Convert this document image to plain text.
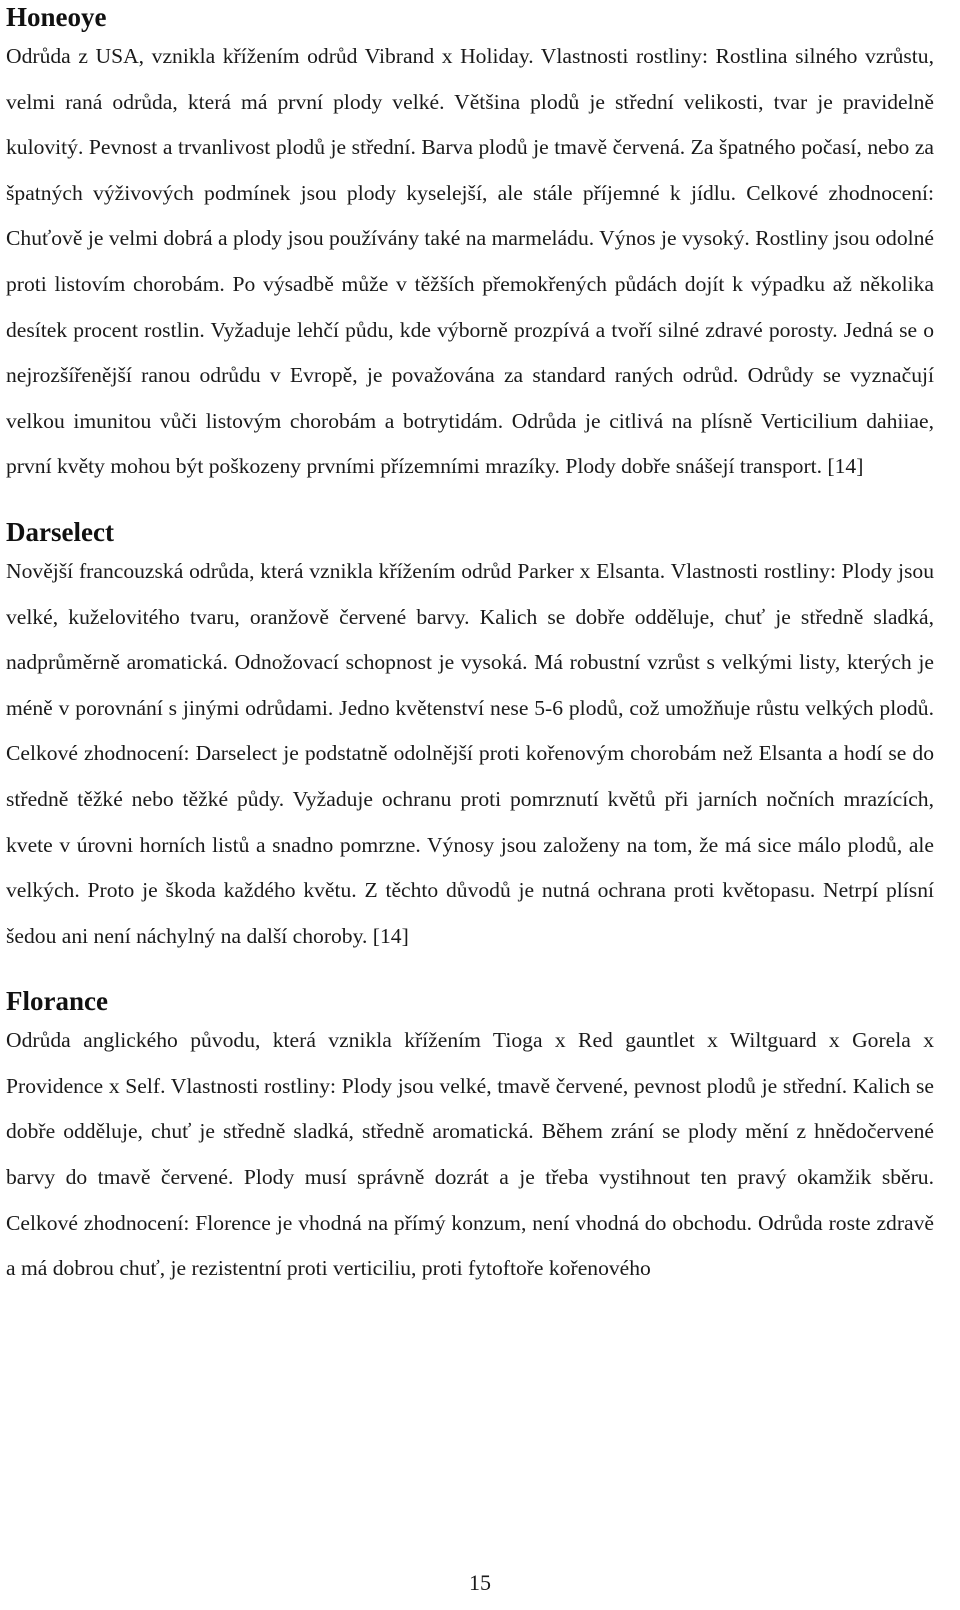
Honeoye

Odrůda z USA, vznikla křížením odrůd Vibrand x Holiday. Vlastnosti rostliny: Rostlina silného vzrůstu, velmi raná odrůda, která má první plody velké. Většina plodů je střední velikosti, tvar je pravidelně kulovitý. Pevnost a trvanlivost plodů je střední. Barva plodů je tmavě červená. Za špatného počasí, nebo za špatných výživových podmínek jsou plody kyselejší, ale stále příjemné k jídlu. Celkové zhodnocení: Chuťově je velmi dobrá a plody jsou používány také na marmeládu. Výnos je vysoký. Rostliny jsou odolné proti listovím chorobám. Po výsadbě může v těžších přemokřených půdách dojít k výpadku až několika desítek procent rostlin. Vyžaduje lehčí půdu, kde výborně prozpívá a tvoří silné zdravé porosty. Jedná se o nejrozšířenější ranou odrůdu v Evropě, je považována za standard raných odrůd. Odrůdy se vyznačují velkou imunitou vůči listovým chorobám a botrytidám. Odrůda je citlivá na plísně Verticilium dahiiae, první květy mohou být poškozeny prvními přízemními mrazíky. Plody dobře snášejí transport. [14]

Darselect

Novější francouzská odrůda, která vznikla křížením odrůd Parker x Elsanta. Vlastnosti rostliny: Plody jsou velké, kuželovitého tvaru, oranžově červené barvy. Kalich se dobře odděluje, chuť je středně sladká, nadprůměrně aromatická. Odnožovací schopnost je vysoká. Má robustní vzrůst s velkými listy, kterých je méně v porovnání s jinými odrůdami. Jedno květenství nese 5-6 plodů, což umožňuje růstu velkých plodů. Celkové zhodnocení: Darselect je podstatně odolnější proti kořenovým chorobám než Elsanta a hodí se do středně těžké nebo těžké půdy. Vyžaduje ochranu proti pomrznutí květů při jarních nočních mrazících, kvete v úrovni horních listů a snadno pomrzne. Výnosy jsou založeny na tom, že má sice málo plodů, ale velkých. Proto je škoda každého květu. Z těchto důvodů je nutná ochrana proti květopasu. Netrpí plísní šedou ani není náchylný na další choroby. [14]

Florance

Odrůda anglického původu, která vznikla křížením Tioga x Red gauntlet x Wiltguard x Gorela x Providence x Self. Vlastnosti rostliny: Plody jsou velké, tmavě červené, pevnost plodů je střední. Kalich se dobře odděluje, chuť je středně sladká, středně aromatická. Během zrání se plody mění z hnědočervené barvy do tmavě červené. Plody musí správně dozrát a je třeba vystihnout ten pravý okamžik sběru. Celkové zhodnocení: Florence je vhodná na přímý konzum, není vhodná do obchodu. Odrůda roste zdravě a má dobrou chuť, je rezistentní proti verticiliu, proti fytoftoře kořenového

15
